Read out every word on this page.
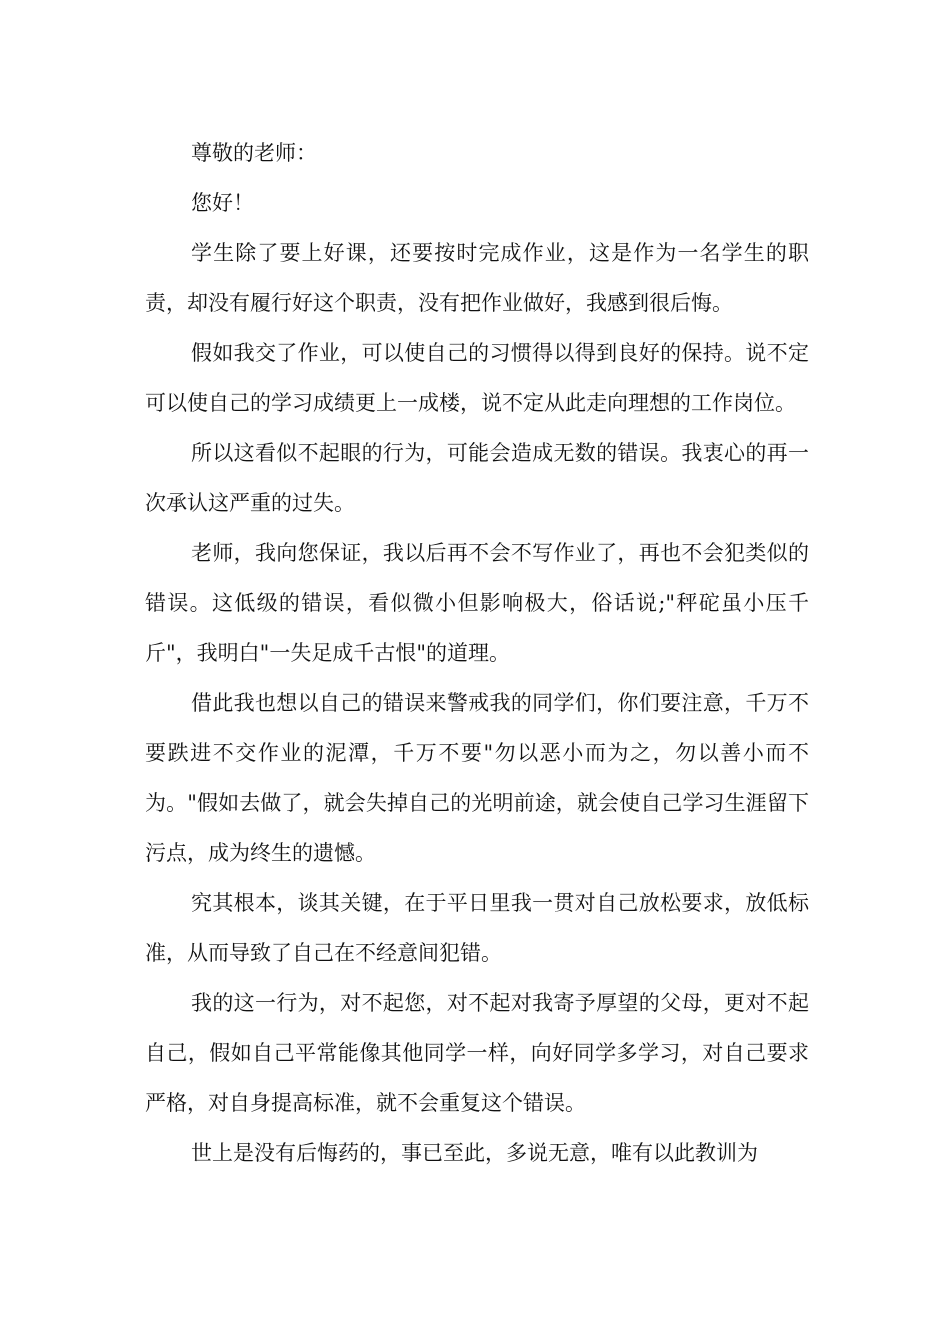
尊敬的老师：

您好！

学生除了要上好课，还要按时完成作业，这是作为一名学生的职责，却没有履行好这个职责，没有把作业做好，我感到很后悔。

假如我交了作业，可以使自己的习惯得以得到良好的保持。说不定可以使自己的学习成绩更上一成楼，说不定从此走向理想的工作岗位。

所以这看似不起眼的行为，可能会造成无数的错误。我衷心的再一次承认这严重的过失。

老师，我向您保证，我以后再不会不写作业了，再也不会犯类似的错误。这低级的错误，看似微小但影响极大，俗话说;"秤砣虽小压千斤"，我明白"一失足成千古恨"的道理。

借此我也想以自己的错误来警戒我的同学们，你们要注意，千万不要跌进不交作业的泥潭，千万不要"勿以恶小而为之，勿以善小而不为。"假如去做了，就会失掉自己的光明前途，就会使自己学习生涯留下污点，成为终生的遗憾。

究其根本，谈其关键，在于平日里我一贯对自己放松要求，放低标准，从而导致了自己在不经意间犯错。

我的这一行为，对不起您，对不起对我寄予厚望的父母，更对不起自己，假如自己平常能像其他同学一样，向好同学多学习，对自己要求严格，对自身提高标准，就不会重复这个错误。

世上是没有后悔药的，事已至此，多说无意，唯有以此教训为
